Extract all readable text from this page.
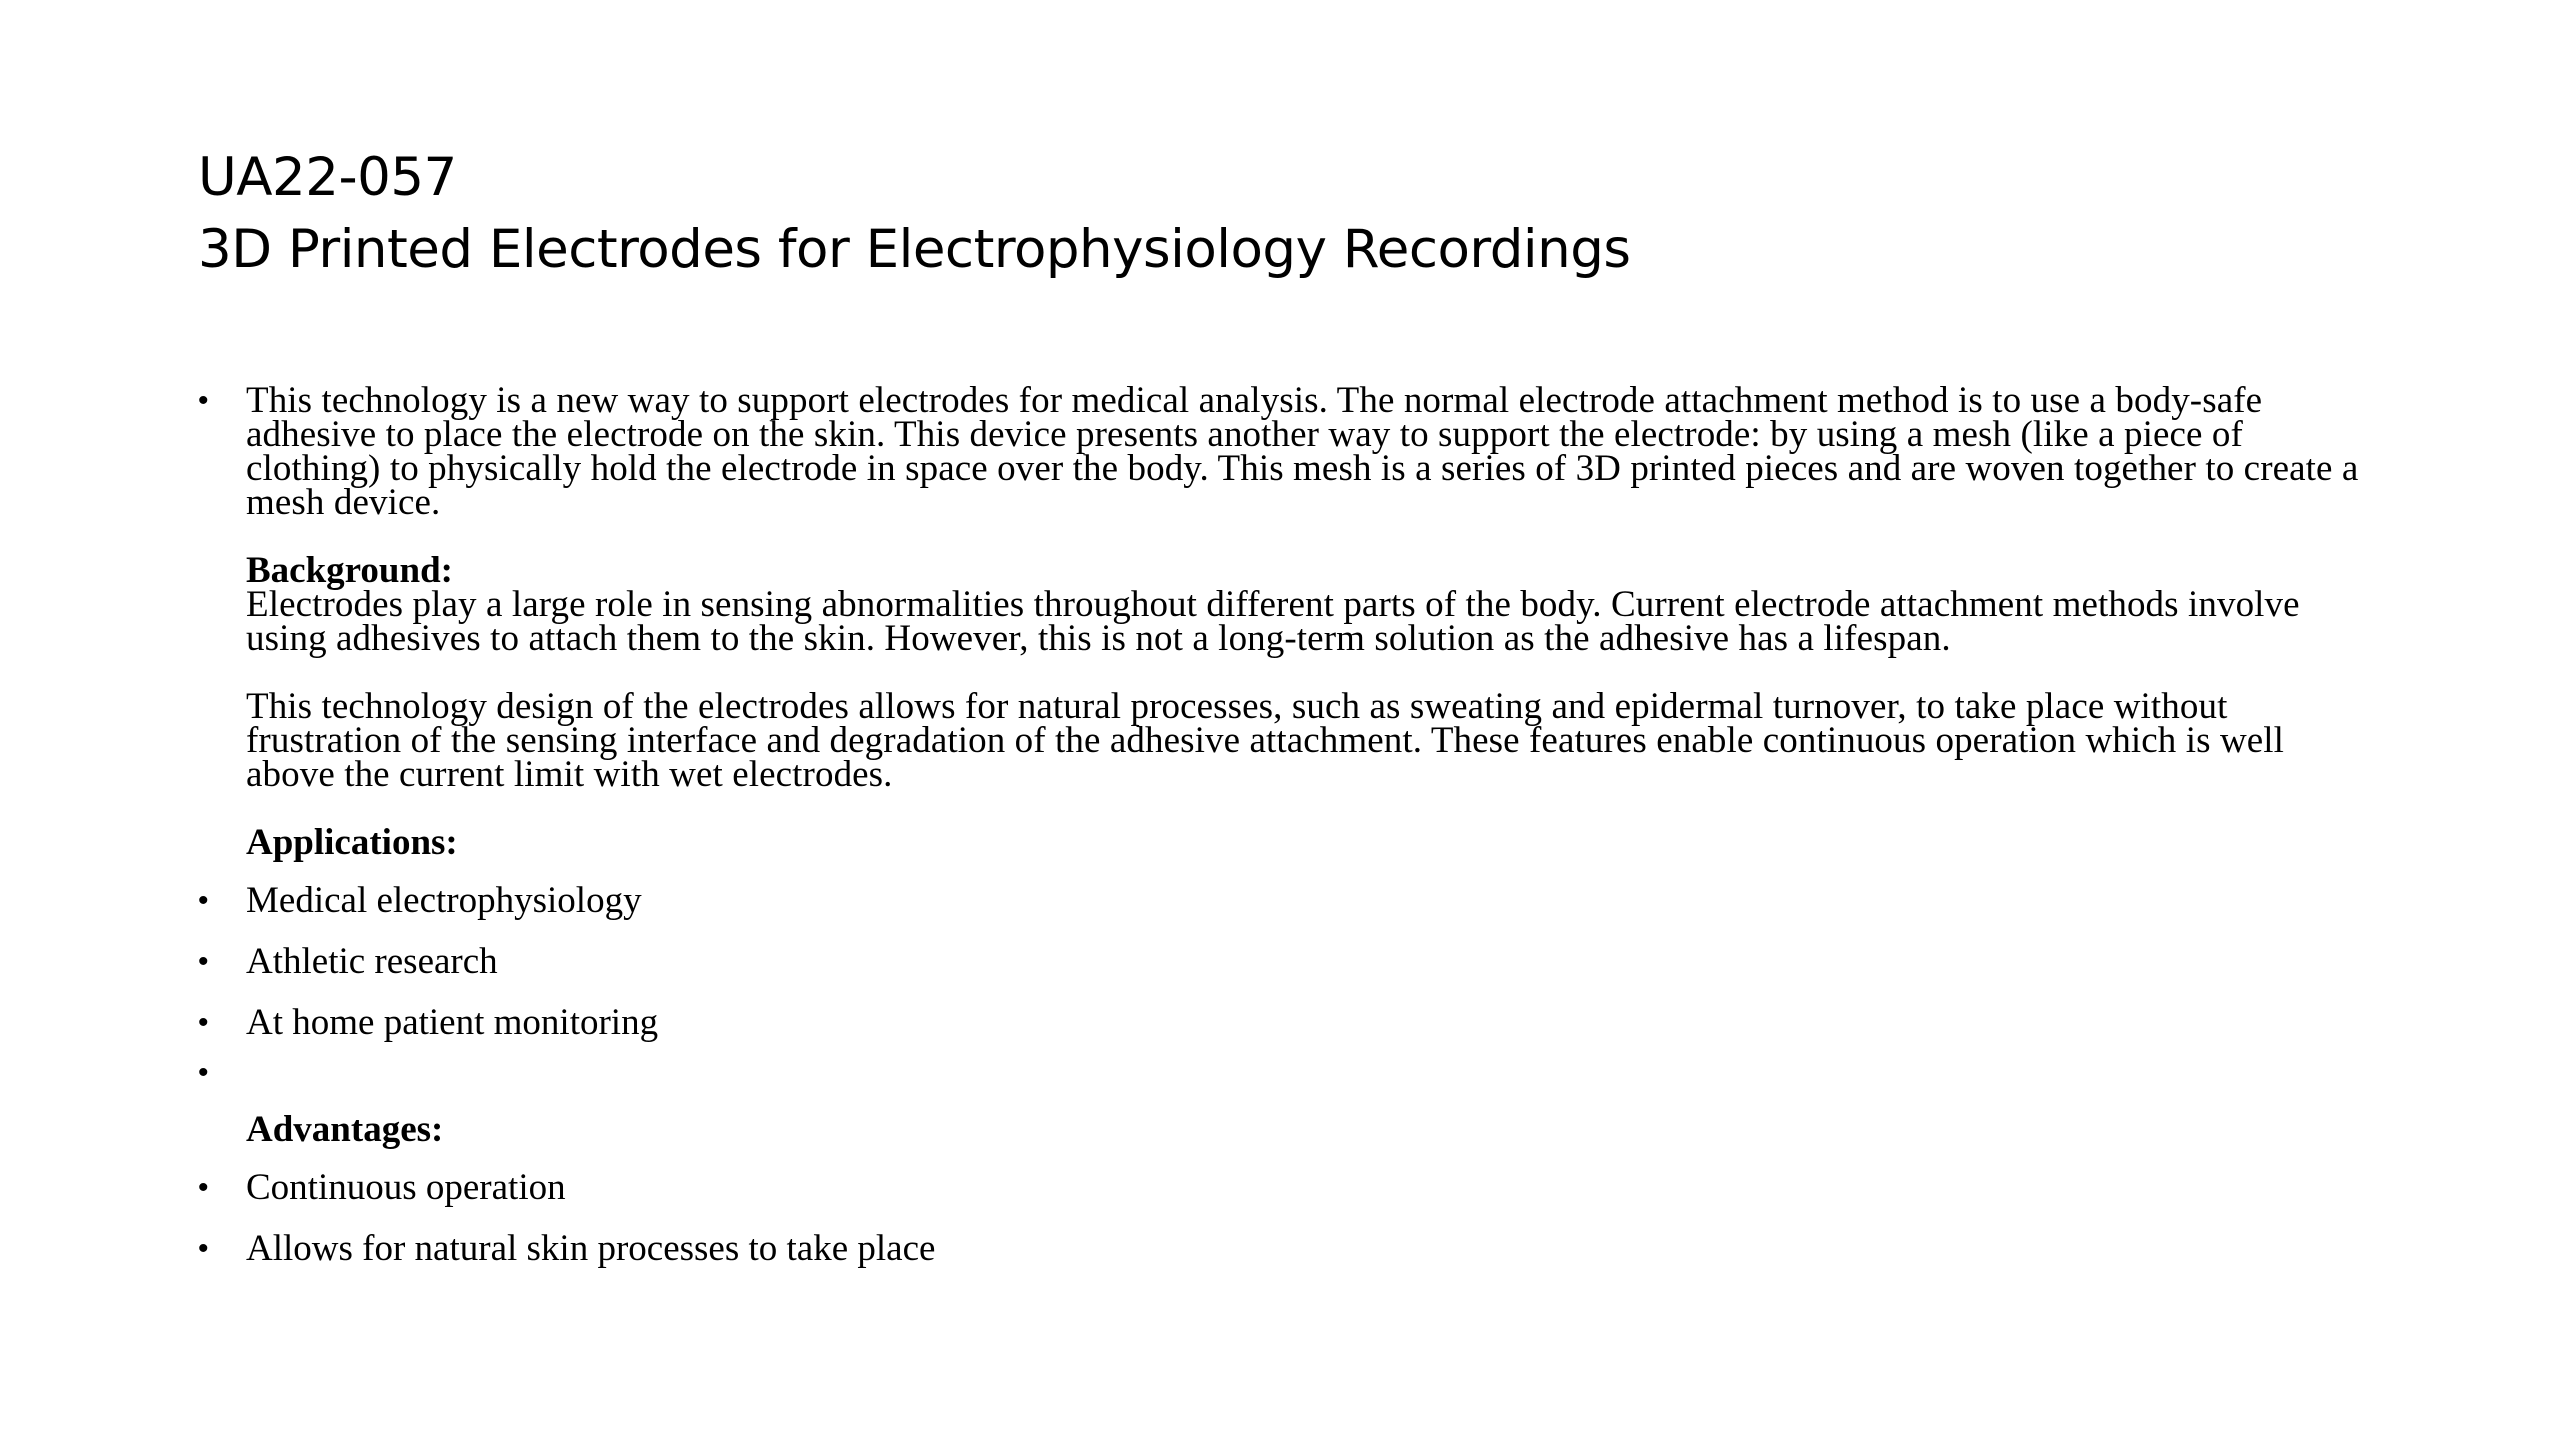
UA22-057
3D Printed Electrodes for Electrophysiology Recordings
• This technology is a new way to support electrodes for medical analysis. The normal electrode attachment method is to use a body-safe adhesive to place the electrode on the skin. This device presents another way to support the electrode: by using a mesh (like a piece of clothing) to physically hold the electrode in space over the body. This mesh is a series of 3D printed pieces and are woven together to create a mesh device.

Background:

Electrodes play a large role in sensing abnormalities throughout different parts of the body. Current electrode attachment methods involve using adhesives to attach them to the skin. However, this is not a long-term solution as the adhesive has a lifespan.

This technology design of the electrodes allows for natural processes, such as sweating and epidermal turnover, to take place without frustration of the sensing interface and degradation of the adhesive attachment. These features enable continuous operation which is well above the current limit with wet electrodes.

Applications:

• Medical electrophysiology
• Athletic research
• At home patient monitoring
•

Advantages:

• Continuous operation
• Allows for natural skin processes to take place
